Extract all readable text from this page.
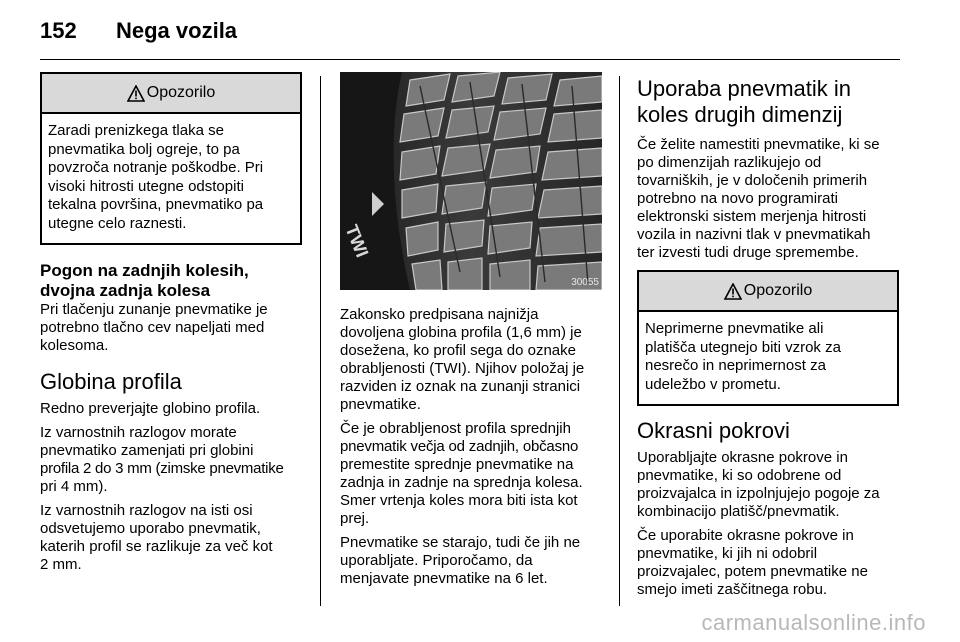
152 Nega vozila
Opozorilo
Zaradi prenizkega tlaka se
pnevmatika bolj ogreje, to pa
povzroča notranje poškodbe. Pri
visoki hitrosti utegne odstopiti
tekalna površina, pnevmatiko pa
utegne celo raznesti.
Pogon na zadnjih kolesih,
dvojna zadnja kolesa

Pri tlačenju zunanje pnevmatike je
potrebno tlačno cev napeljati med
kolesoma.

Globina profila

Redno preverjajte globino profila.

Iz varnostnih razlogov morate
pnevmatiko zamenjati pri globini
profila 2 do 3 mm (zimske pnevmatike
pri 4 mm).

Iz varnostnih razlogov na isti osi
odsvetujemo uporabo pnevmatik,
katerih profil se razlikuje za več kot
2 mm.

TWI
30055

Zakonsko predpisana najnižja
dovoljena globina profila (1,6 mm) je
dosežena, ko profil sega do oznake
obrabljenosti (TWI). Njihov položaj je
razviden iz oznak na zunanji stranici
pnevmatike.

Če je obrabljenost profila sprednjih
pnevmatik večja od zadnjih, občasno
premestite sprednje pnevmatike na
zadnja in zadnje na sprednja kolesa.
Smer vrtenja koles mora biti ista kot
prej.

Pnevmatike se starajo, tudi če jih ne
uporabljate. Priporočamo, da
menjavate pnevmatike na 6 let.

Uporaba pnevmatik in
koles drugih dimenzij

Če želite namestiti pnevmatike, ki se
po dimenzijah razlikujejo od
tovarniških, je v določenih primerih
potrebno na novo programirati
elektronski sistem merjenja hitrosti
vozila in nazivni tlak v pnevmatikah
ter izvesti tudi druge spremembe.

Opozorilo
Neprimerne pnevmatike ali
platišča utegnejo biti vzrok za
nesrečo in neprimernost za
udeležbo v prometu.
Okrasni pokrovi

Uporabljajte okrasne pokrove in
pnevmatike, ki so odobrene od
proizvajalca in izpolnjujejo pogoje za
kombinacijo platišč/pnevmatik.

Če uporabite okrasne pokrove in
pnevmatike, ki jih ni odobril
proizvajalec, potem pnevmatike ne
smejo imeti zaščitnega robu.

carmanualsonline.info
